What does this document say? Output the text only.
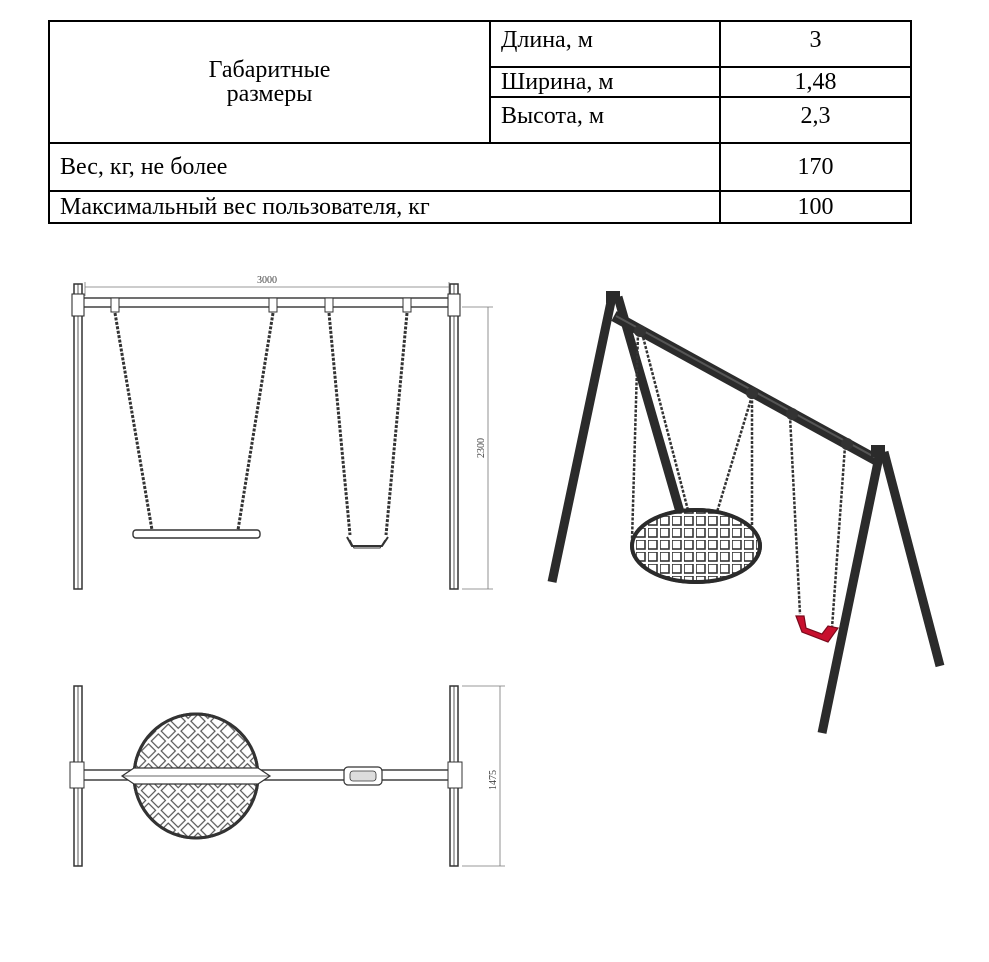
Габаритные
размеры	Длина, м	3
	Ширина, м	1,48
	Высота, м	2,3
Вес, кг, не более		170
Максимальный вес пользователя, кг		100
3000
2300
1475
